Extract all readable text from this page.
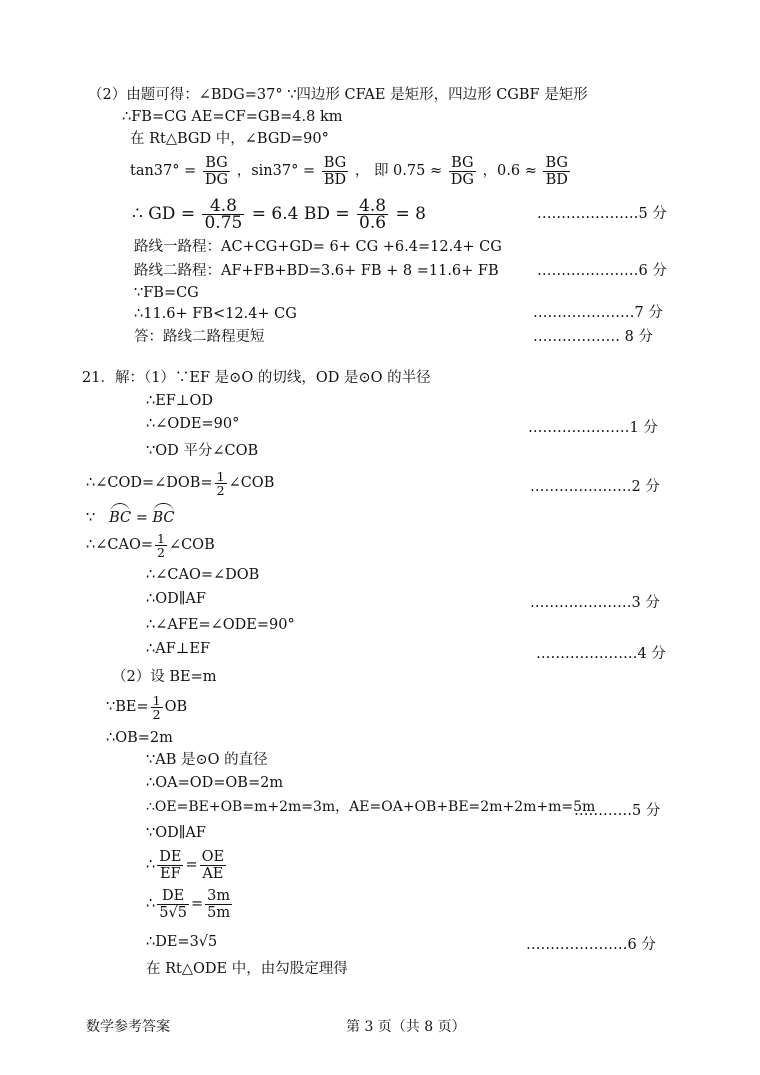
（2）由题可得：∠BDG=37° ∵四边形 CFAE 是矩形，四边形 CGBF 是矩形
∴FB=CG AE=CF=GB=4.8 km
在 Rt△BGD 中，∠BGD=90°
$\tan 37^\circ = \frac{BG}{DG}$ ，$\sin 37^\circ = \frac{BG}{BD}$ ， 即 $0.75 \approx \frac{BG}{DG}$ ，$0.6 \approx \frac{BG}{BD}$
∴ GD = $\frac{4.8}{0.75} = 6.4$ BD = $\frac{4.8}{0.6} = 8$	…………………5 分
路线一路程：AC+CG+GD= 6+ CG +6.4=12.4+ CG
路线二路程：AF+FB+BD=3.6+ FB + 8 =11.6+ FB	…………………6 分
∵FB=CG
∴11.6+ FB<12.4+ CG	…………………7 分
答：路线二路程更短	……………… 8 分
21．解：（1）∵EF 是⊙O 的切线，OD 是⊙O 的半径
∴EF⊥OD
∴∠ODE=90°	…………………1 分
∵OD 平分∠COB
∴∠COD=∠DOB= $\frac{1}{2}$ ∠COB	…………………2 分
∵ BC = BC
∴∠CAO= $\frac{1}{2}$ ∠COB
∴∠CAO=∠DOB
∴OD∥AF	…………………3 分
∴∠AFE=∠ODE=90°
∴AF⊥EF	…………………4 分
（2）设 BE=m
∵BE= $\frac{1}{2}$ OB
∴OB=2m
∵AB 是⊙O 的直径
∴OA=OD=OB=2m
∴OE=BE+OB=m+2m=3m，AE=OA+OB+BE=2m+2m+m=5m
…………5 分
∵OD∥AF
∴ $\frac{DE}{EF} = \frac{OE}{AE}$
∴ $\frac{DE}{5√5} = \frac{3m}{5m}$
∴DE=3√5	…………………6 分
在 Rt△ODE 中，由勾股定理得
数学参考答案	第 3 页（共 8 页）
